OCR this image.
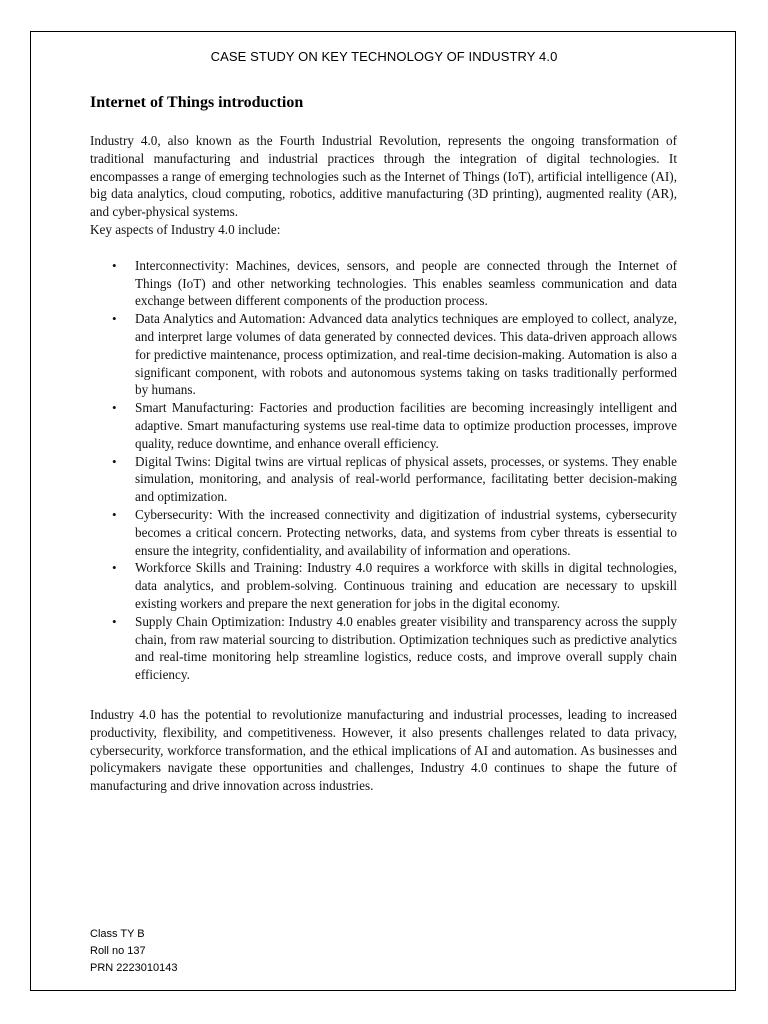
CASE STUDY ON KEY TECHNOLOGY OF INDUSTRY 4.0
Internet of Things introduction

Industry 4.0, also known as the Fourth Industrial Revolution, represents the ongoing transformation of traditional manufacturing and industrial practices through the integration of digital technologies. It encompasses a range of emerging technologies such as the Internet of Things (IoT), artificial intelligence (AI), big data analytics, cloud computing, robotics, additive manufacturing (3D printing), augmented reality (AR), and cyber-physical systems.

Key aspects of Industry 4.0 include:

• Interconnectivity: Machines, devices, sensors, and people are connected through the Internet of Things (IoT) and other networking technologies. This enables seamless communication and data exchange between different components of the production process.
• Data Analytics and Automation: Advanced data analytics techniques are employed to collect, analyze, and interpret large volumes of data generated by connected devices. This data-driven approach allows for predictive maintenance, process optimization, and real-time decision-making. Automation is also a significant component, with robots and autonomous systems taking on tasks traditionally performed by humans.
• Smart Manufacturing: Factories and production facilities are becoming increasingly intelligent and adaptive. Smart manufacturing systems use real-time data to optimize production processes, improve quality, reduce downtime, and enhance overall efficiency.
• Digital Twins: Digital twins are virtual replicas of physical assets, processes, or systems. They enable simulation, monitoring, and analysis of real-world performance, facilitating better decision-making and optimization.
• Cybersecurity: With the increased connectivity and digitization of industrial systems, cybersecurity becomes a critical concern. Protecting networks, data, and systems from cyber threats is essential to ensure the integrity, confidentiality, and availability of information and operations.
• Workforce Skills and Training: Industry 4.0 requires a workforce with skills in digital technologies, data analytics, and problem-solving. Continuous training and education are necessary to upskill existing workers and prepare the next generation for jobs in the digital economy.
• Supply Chain Optimization: Industry 4.0 enables greater visibility and transparency across the supply chain, from raw material sourcing to distribution. Optimization techniques such as predictive analytics and real-time monitoring help streamline logistics, reduce costs, and improve overall supply chain efficiency.

Industry 4.0 has the potential to revolutionize manufacturing and industrial processes, leading to increased productivity, flexibility, and competitiveness. However, it also presents challenges related to data privacy, cybersecurity, workforce transformation, and the ethical implications of AI and automation. As businesses and policymakers navigate these opportunities and challenges, Industry 4.0 continues to shape the future of manufacturing and drive innovation across industries.

Class TY B
Roll no 137
PRN 2223010143
